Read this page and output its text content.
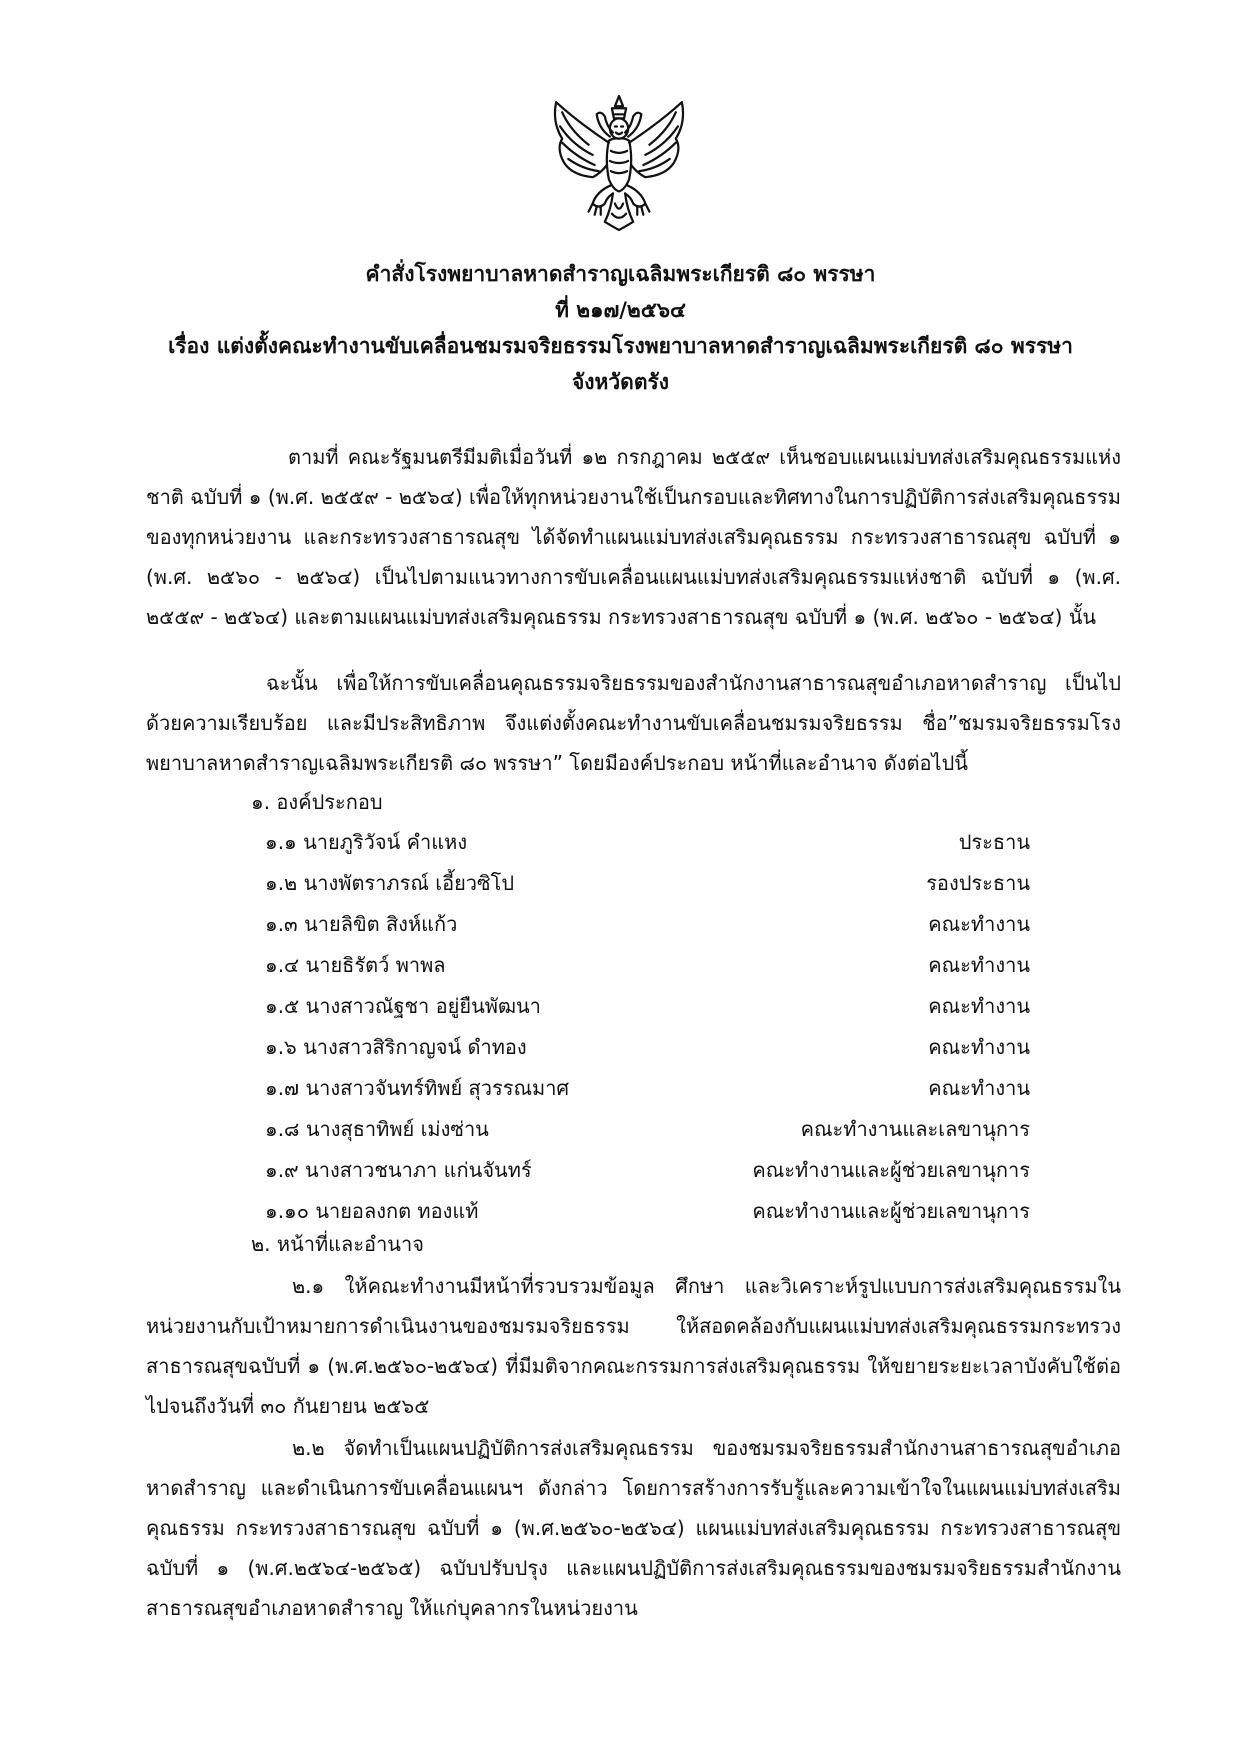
คำสั่งโรงพยาบาลหาดสำราญเฉลิมพระเกียรติ ๘๐ พรรษา
ที่ ๒๑๗/๒๕๖๔
เรื่อง แต่งตั้งคณะทำงานขับเคลื่อนชมรมจริยธรรมโรงพยาบาลหาดสำราญเฉลิมพระเกียรติ ๘๐ พรรษา
จังหวัดตรัง

ตามที่ คณะรัฐมนตรีมีมติเมื่อวันที่ ๑๒ กรกฎาคม ๒๕๕๙ เห็นชอบแผนแม่บทส่งเสริมคุณธรรมแห่งชาติ ฉบับที่ ๑ (พ.ศ. ๒๕๕๙ - ๒๕๖๔) เพื่อให้ทุกหน่วยงานใช้เป็นกรอบและทิศทางในการปฏิบัติการส่งเสริมคุณธรรมของทุกหน่วยงาน และกระทรวงสาธารณสุข ได้จัดทำแผนแม่บทส่งเสริมคุณธรรม กระทรวงสาธารณสุข ฉบับที่ ๑ (พ.ศ. ๒๕๖๐ - ๒๕๖๔) เป็นไปตามแนวทางการขับเคลื่อนแผนแม่บทส่งเสริมคุณธรรมแห่งชาติ ฉบับที่ ๑ (พ.ศ. ๒๕๕๙ - ๒๕๖๔) และตามแผนแม่บทส่งเสริมคุณธรรม กระทรวงสาธารณสุข ฉบับที่ ๑ (พ.ศ. ๒๕๖๐ - ๒๕๖๔) นั้น

ฉะนั้น เพื่อให้การขับเคลื่อนคุณธรรมจริยธรรมของสำนักงานสาธารณสุขอำเภอหาดสำราญ เป็นไปด้วยความเรียบร้อย และมีประสิทธิภาพ จึงแต่งตั้งคณะทำงานขับเคลื่อนชมรมจริยธรรม ชื่อ”ชมรมจริยธรรมโรงพยาบาลหาดสำราญเฉลิมพระเกียรติ ๘๐ พรรษา” โดยมีองค์ประกอบ หน้าที่และอำนาจ ดังต่อไปนี้

๑. องค์ประกอบ
๑.๑ นายภูริวัจน์ คำแหง	ประธาน
๑.๒ นางพัตราภรณ์ เอี้ยวซิโป	รองประธาน
๑.๓ นายลิขิต สิงห์แก้ว	คณะทำงาน
๑.๔ นายธิรัตว์ พาพล	คณะทำงาน
๑.๕ นางสาวณัฐชา อยู่ยืนพัฒนา	คณะทำงาน
๑.๖ นางสาวสิริกาญจน์ ดำทอง	คณะทำงาน
๑.๗ นางสาวจันทร์ทิพย์ สุวรรณมาศ	คณะทำงาน
๑.๘ นางสุธาทิพย์ เม่งซ่าน	คณะทำงานและเลขานุการ
๑.๙ นางสาวชนาภา แก่นจันทร์	คณะทำงานและผู้ช่วยเลขานุการ
๑.๑๐ นายอลงกต ทองแท้	คณะทำงานและผู้ช่วยเลขานุการ
๒. หน้าที่และอำนาจ

๒.๑ ให้คณะทำงานมีหน้าที่รวบรวมข้อมูล ศึกษา และวิเคราะห์รูปแบบการส่งเสริมคุณธรรมในหน่วยงานกับเป้าหมายการดำเนินงานของชมรมจริยธรรม ให้สอดคล้องกับแผนแม่บทส่งเสริมคุณธรรมกระทรวงสาธารณสุขฉบับที่ ๑ (พ.ศ.๒๕๖๐-๒๕๖๔) ที่มีมติจากคณะกรรมการส่งเสริมคุณธรรม ให้ขยายระยะเวลาบังคับใช้ต่อไปจนถึงวันที่ ๓๐ กันยายน ๒๕๖๕

๒.๒ จัดทำเป็นแผนปฏิบัติการส่งเสริมคุณธรรม ของชมรมจริยธรรมสำนักงานสาธารณสุขอำเภอหาดสำราญ และดำเนินการขับเคลื่อนแผนฯ ดังกล่าว โดยการสร้างการรับรู้และความเข้าใจในแผนแม่บทส่งเสริมคุณธรรม กระทรวงสาธารณสุข ฉบับที่ ๑ (พ.ศ.๒๕๖๐-๒๕๖๔) แผนแม่บทส่งเสริมคุณธรรม กระทรวงสาธารณสุข ฉบับที่ ๑ (พ.ศ.๒๕๖๔-๒๕๖๕) ฉบับปรับปรุง และแผนปฏิบัติการส่งเสริมคุณธรรมของชมรมจริยธรรมสำนักงานสาธารณสุขอำเภอหาดสำราญ ให้แก่บุคลากรในหน่วยงาน
